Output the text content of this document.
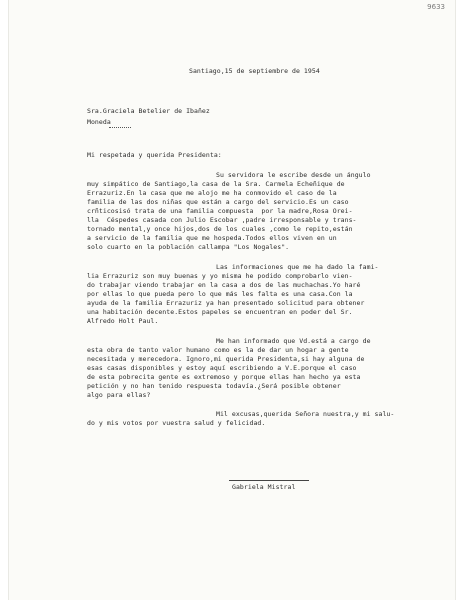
9633
Santiago,15 de septiembre de 1954
Sra.Graciela Betelier de Ibañez
Moneda
Mi respetada y querida Presidenta:
Su servidora le escribe desde un ángulo
muy simpático de Santiago,la casa de la Sra. Carmela Echeñique de
Errazuriz.En la casa que me alojo me ha conmovido el caso de la
familia de las dos niñas que están a cargo del servicio.Es un caso
crñticosisó trata de una familia compuesta  por la madre,Rosa Orei-
lla  Céspedes casada con Julio Escobar ,padre irresponsable y trans-
tornado mental,y once hijos,dos de los cuales ,como le repito,están
a servicio de la familia que me hospeda.Todos ellos viven en un
solo cuarto en la población callampa "Los Nogales".
Las informaciones que me ha dado la fami-
lia Errazuriz son muy buenas y yo misma he podido comprobarlo vien-
do trabajar viendo trabajar en la casa a dos de las muchachas.Yo haré
por ellas lo que pueda pero lo que más les falta es una casa.Con la
ayuda de la familia Errazuriz ya han presentado solicitud para obtener
una habitación decente.Estos papeles se encuentran en poder del Sr.
Alfredo Holt Paul.
Me han informado que Vd.está a cargo de
esta obra de tanto valor humano como es la de dar un hogar a gente
necesitada y merecedora. Ignoro,mi querida Presidenta,si hay alguna de
esas casas disponibles y estoy aquí escribiendo a V.E.porque el caso
de esta pobrecita gente es extremoso y porque ellas han hecho ya esta
petición y no han tenido respuesta todavía.¿Será posible obtener
algo para ellas?
Mil excusas,querida Señora nuestra,y mi salu-
do y mis votos por vuestra salud y felicidad.
Gabriela Mistral
